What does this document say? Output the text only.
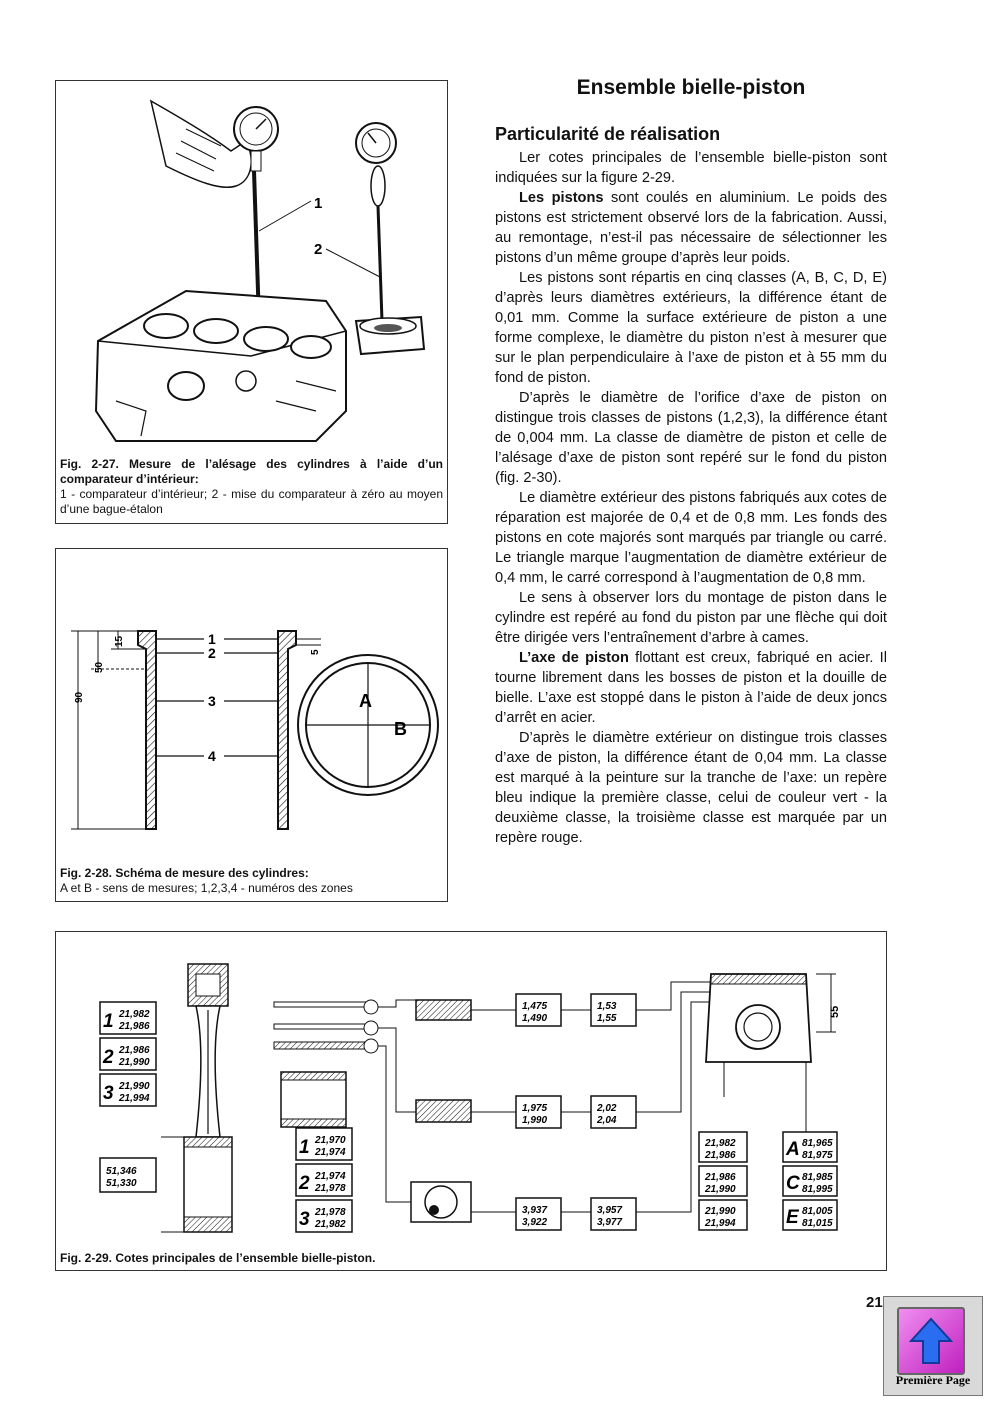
1
2
Fig. 2-27. Mesure de l’alésage des cylindres à l’aide d’un comparateur d’intérieur:
1 - comparateur d’intérieur; 2 - mise du comparateur à zéro au moyen d’une bague-étalon
15
50
90
5
1
2
3
4
A
B
Fig. 2-28. Schéma de mesure des cylindres:
A et B - sens de mesures; 1,2,3,4 - numéros des zones
Ensemble bielle-piston
Particularité de réalisation

Ler cotes principales de l’ensemble bielle-piston sont indiquées sur la figure 2-29.

Les pistons sont coulés en aluminium. Le poids des pistons est strictement observé lors de la fabrication. Aussi, au remontage, n’est-il pas nécessaire de sélectionner les pistons d’un même groupe d’après leur poids.

Les pistons sont répartis en cinq classes (A, B, C, D, E) d’après leurs diamètres extérieurs, la différence étant de 0,01 mm. Comme la surface extérieure de piston a une forme complexe, le diamètre du piston n’est à mesurer que sur le plan perpendiculaire à l’axe de piston et à 55 mm du fond de piston.

D’après le diamètre de l’orifice d’axe de piston on distingue trois classes de pistons (1,2,3), la différence étant de 0,004 mm. La classe de diamètre de piston et celle de l’alésage d’axe de piston sont repéré sur le fond du piston (fig. 2-30).

Le diamètre extérieur des pistons fabriqués aux cotes de réparation est majorée de 0,4 et de 0,8 mm. Les fonds des pistons en cote majorés sont marqués par triangle ou carré. Le triangle marque l’augmentation de diamètre extérieur de 0,4 mm, le carré correspond à l’augmentation de 0,8 mm.

Le sens à observer lors du montage de piston dans le cylindre est repéré au fond du piston par une flèche qui doit être dirigée vers l’entraînement d’arbre à cames.

L’axe de piston flottant est creux, fabriqué en acier. Il tourne librement dans les bosses de piston et la douille de bielle. L’axe est stoppé dans le piston à l’aide de deux joncs d’arrêt en acier.

D’après le diamètre extérieur on distingue trois classes d’axe de piston, la différence étant de 0,04 mm. La classe est marqué à la peinture sur la tranche de l’axe: un repère bleu indique la première classe, celui de couleur vert - la deuxième classe, la troisième classe est marquée par un repère rouge.

55
1 21,982
21,986
2 21,986
21,990
3 21,990
21,994
51,346
51,330
1 21,970
21,974
2 21,974
21,978
3 21,978
21,982
1,475
1,490
1,53
1,55
1,975
1,990
2,02
2,04
3,937
3,922
3,957
3,977
21,982
21,986
21,986
21,990
21,990
21,994
A 81,965
81,975
C 81,985
81,995
E 81,005
81,015
Fig. 2-29. Cotes principales de l’ensemble bielle-piston.
21
Première Page
